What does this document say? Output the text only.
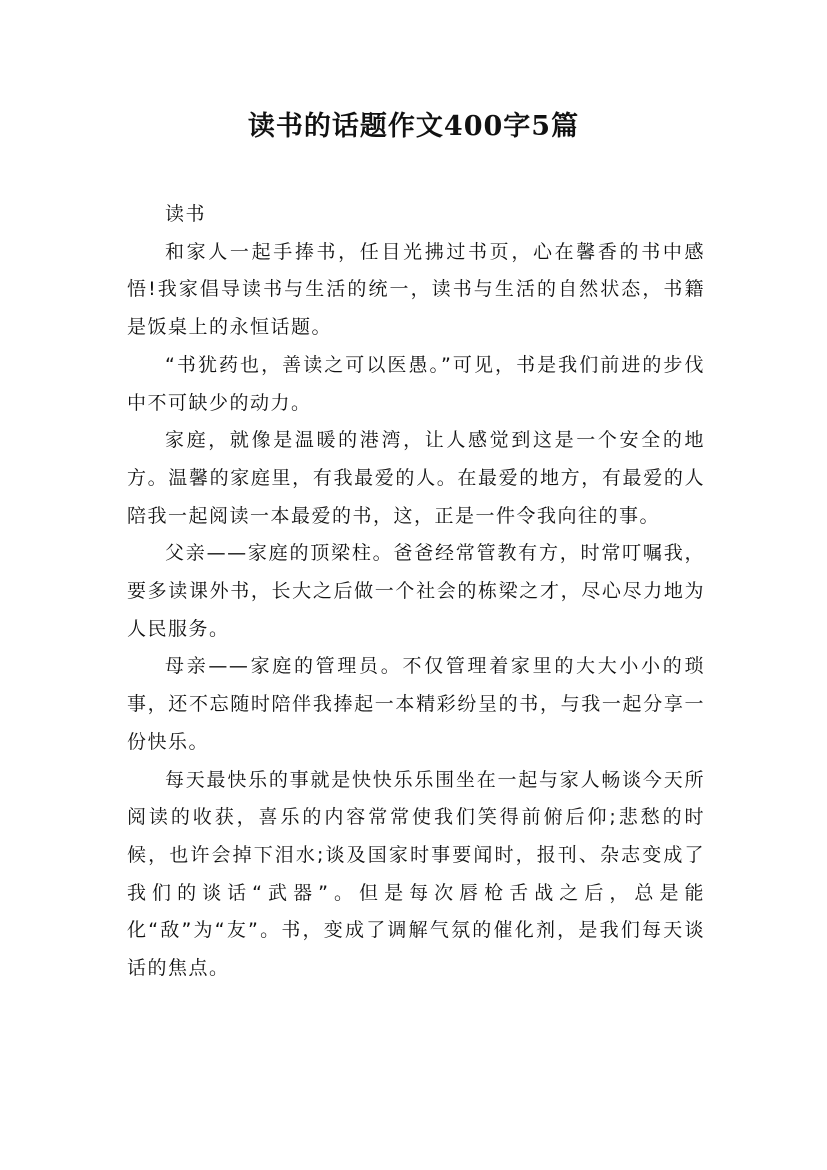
读书的话题作文400字5篇

读书

和家人一起手捧书，任目光拂过书页，心在馨香的书中感悟!我家倡导读书与生活的统一，读书与生活的自然状态，书籍是饭桌上的永恒话题。

“书犹药也，善读之可以医愚。”可见，书是我们前进的步伐中不可缺少的动力。

家庭，就像是温暖的港湾，让人感觉到这是一个安全的地方。温馨的家庭里，有我最爱的人。在最爱的地方，有最爱的人陪我一起阅读一本最爱的书，这，正是一件令我向往的事。

父亲——家庭的顶梁柱。爸爸经常管教有方，时常叮嘱我，要多读课外书，长大之后做一个社会的栋梁之才，尽心尽力地为人民服务。

母亲——家庭的管理员。不仅管理着家里的大大小小的琐事，还不忘随时陪伴我捧起一本精彩纷呈的书，与我一起分享一份快乐。

每天最快乐的事就是快快乐乐围坐在一起与家人畅谈今天所阅读的收获，喜乐的内容常常使我们笑得前俯后仰;悲愁的时候，也许会掉下泪水;谈及国家时事要闻时，报刊、杂志变成了我们的谈话“武器”。但是每次唇枪舌战之后，总是能化“敌”为“友”。书，变成了调解气氛的催化剂，是我们每天谈话的焦点。
